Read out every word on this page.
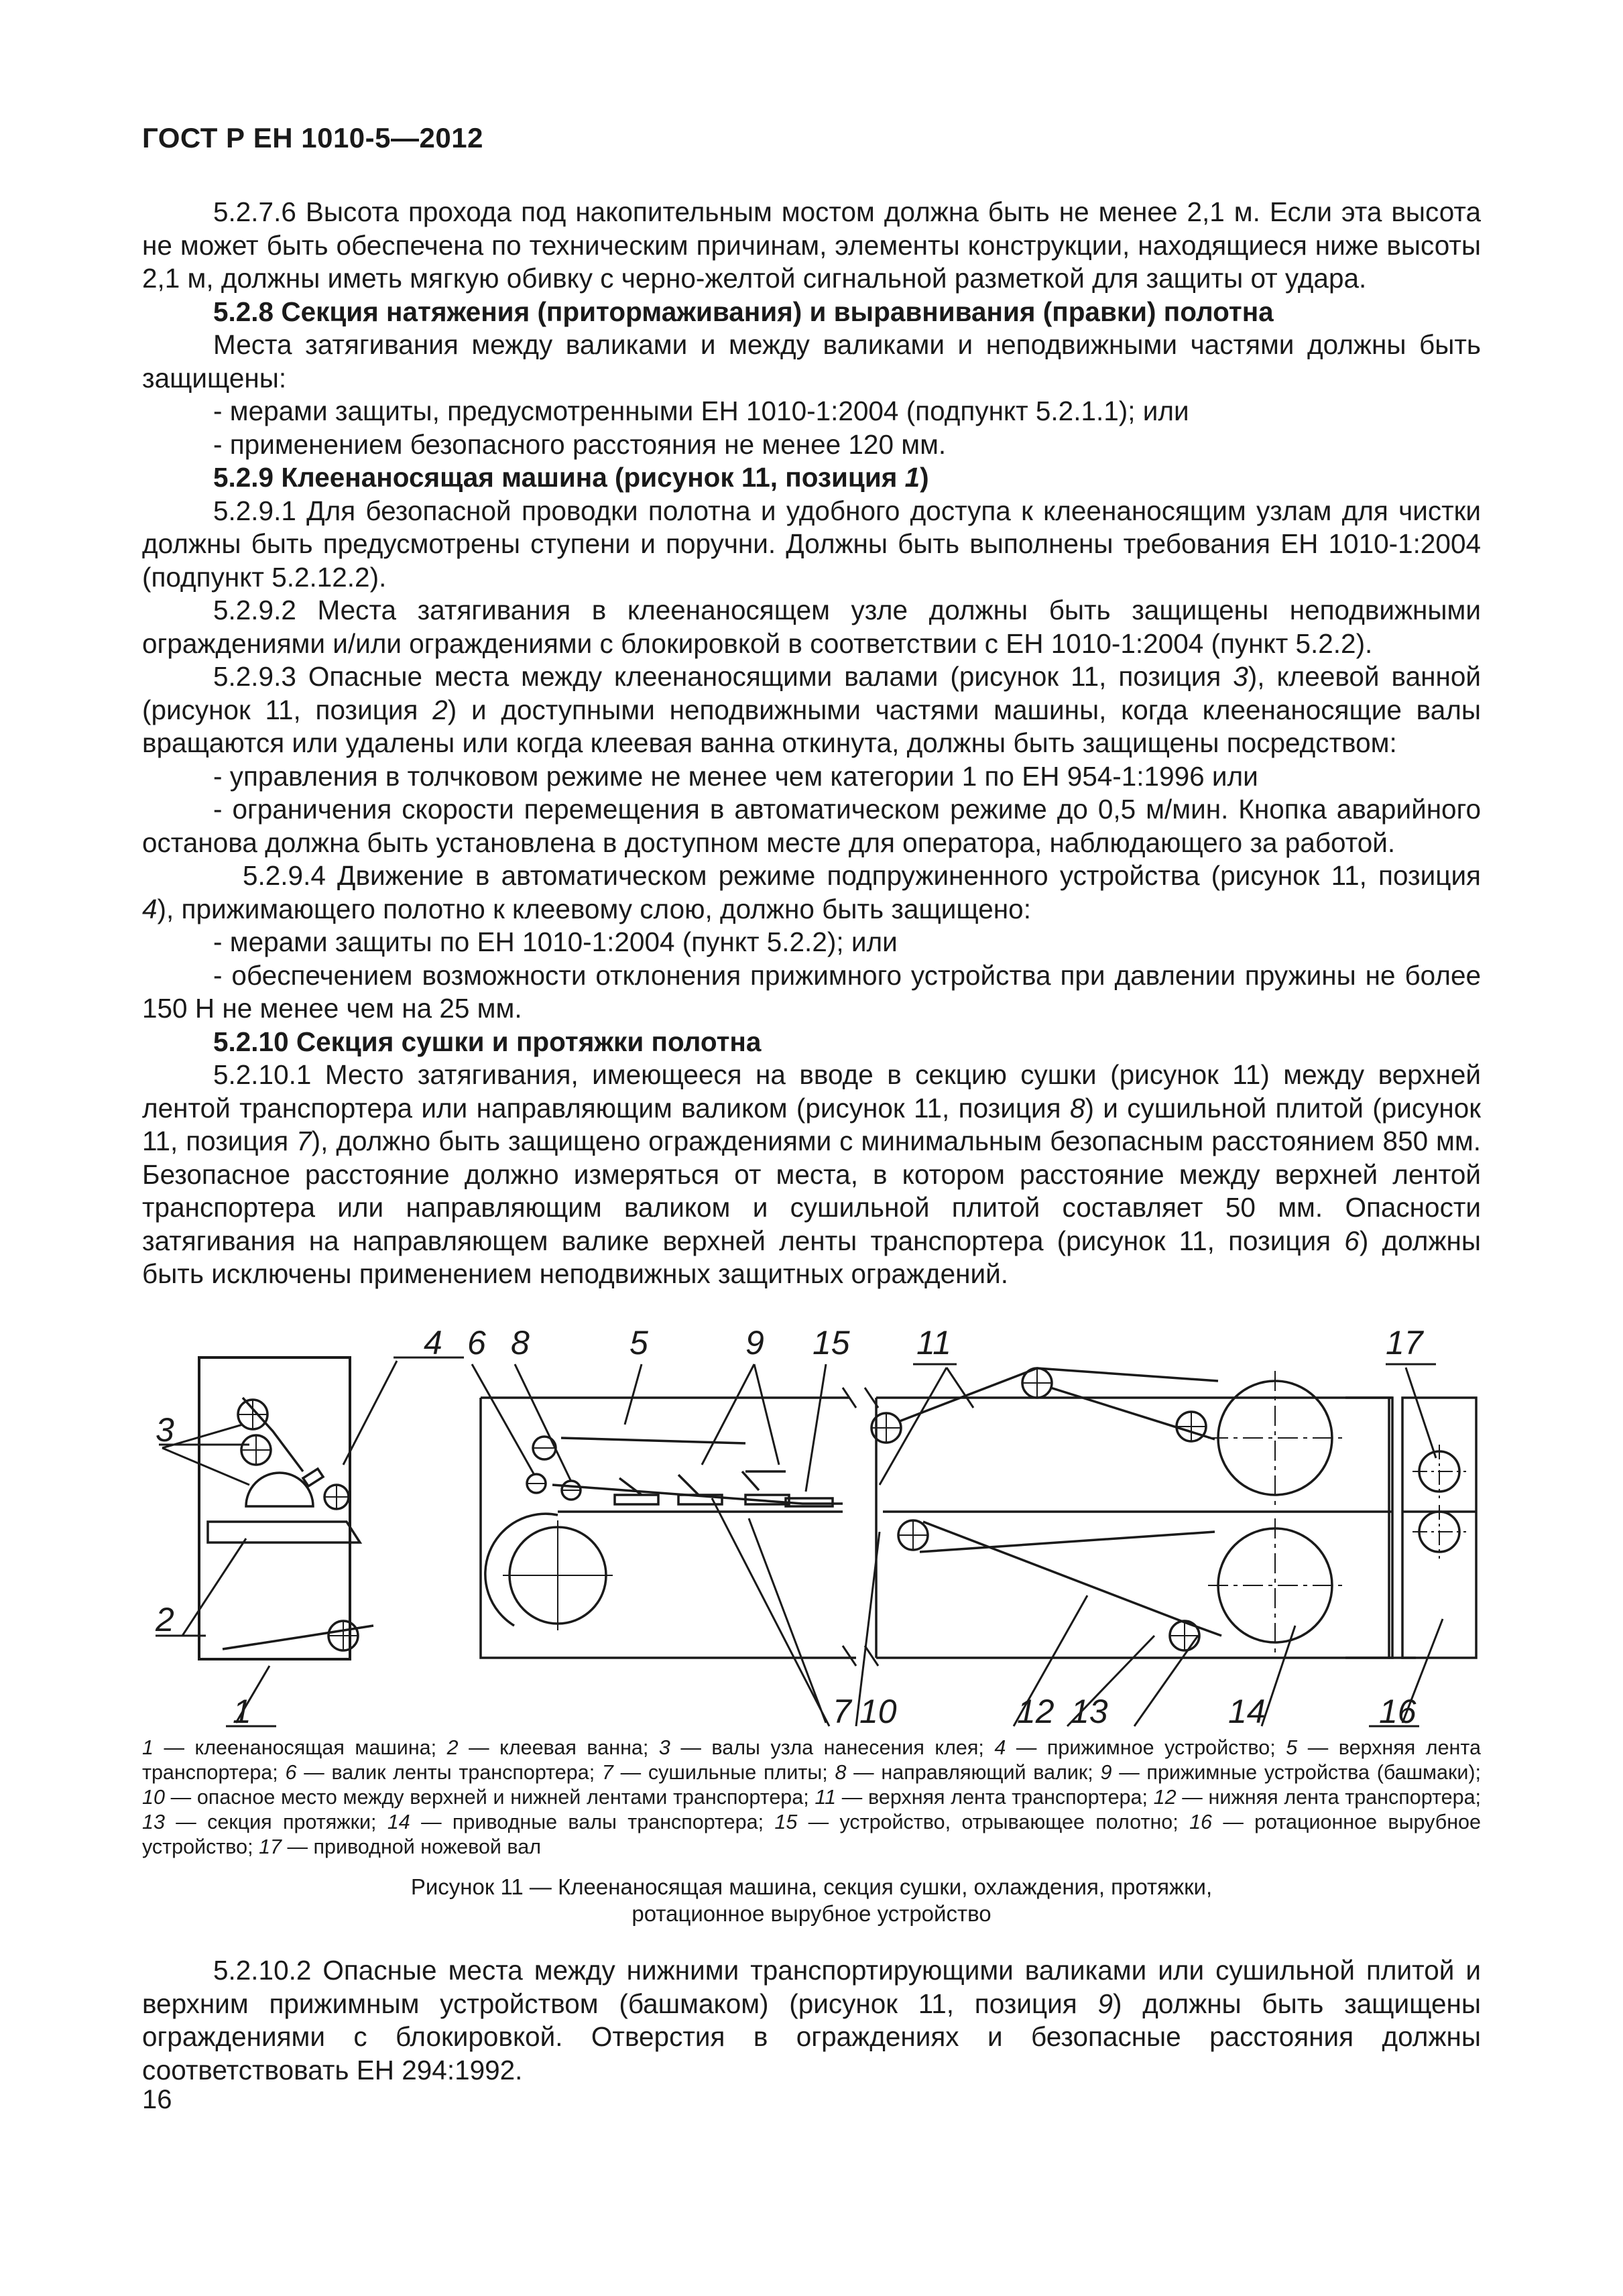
ГОСТ Р ЕН 1010-5—2012

5.2.7.6 Высота прохода под накопительным мостом должна быть не менее 2,1 м. Если эта высота не может быть обеспечена по техническим причинам, элементы конструкции, находящиеся ниже высоты 2,1 м, должны иметь мягкую обивку с черно-желтой сигнальной разметкой для защиты от удара.

5.2.8 Секция натяжения (притормаживания) и выравнивания (правки) полотна

Места затягивания между валиками и между валиками и неподвижными частями должны быть защищены:

- мерами защиты, предусмотренными ЕН 1010-1:2004 (подпункт 5.2.1.1); или

- применением безопасного расстояния не менее 120 мм.

5.2.9 Клеенаносящая машина (рисунок 11, позиция 1)

5.2.9.1 Для безопасной проводки полотна и удобного доступа к клеенаносящим узлам для чистки должны быть предусмотрены ступени и поручни. Должны быть выполнены требования ЕН 1010-1:2004 (подпункт 5.2.12.2).

5.2.9.2 Места затягивания в клеенаносящем узле должны быть защищены неподвижными ограждениями и/или ограждениями с блокировкой в соответствии с ЕН 1010-1:2004 (пункт 5.2.2).

5.2.9.3 Опасные места между клеенаносящими валами (рисунок 11, позиция 3), клеевой ванной (рисунок 11, позиция 2) и доступными неподвижными частями машины, когда клеенаносящие валы вращаются или удалены или когда клеевая ванна откинута, должны быть защищены посредством:

- управления в толчковом режиме не менее чем категории 1 по ЕН 954-1:1996 или

- ограничения скорости перемещения в автоматическом режиме до 0,5 м/мин. Кнопка аварийного останова должна быть установлена в доступном месте для оператора, наблюдающего за работой.

5.2.9.4 Движение в автоматическом режиме подпружиненного устройства (рисунок 11, позиция 4), прижимающего полотно к клеевому слою, должно быть защищено:

- мерами защиты по ЕН 1010-1:2004 (пункт 5.2.2); или

- обеспечением возможности отклонения прижимного устройства при давлении пружины не более 150 Н не менее чем на 25 мм.

5.2.10 Секция сушки и протяжки полотна

5.2.10.1 Место затягивания, имеющееся на вводе в секцию сушки (рисунок 11) между верхней лентой транспортера или направляющим валиком (рисунок 11, позиция 8) и сушильной плитой (рисунок 11, позиция 7), должно быть защищено ограждениями с минимальным безопасным расстоянием 850 мм. Безопасное расстояние должно измеряться от места, в котором расстояние между верхней лентой транспортера или направляющим валиком и сушильной плитой составляет 50 мм. Опасности затягивания на направляющем валике верхней ленты транспортера (рисунок 11, позиция 6) должны быть исключены применением неподвижных защитных ограждений.

4 6 8	5	9 15 11	17
3
2
1	7 10	12 13	14	16
1 — клеенаносящая машина; 2 — клеевая ванна; 3 — валы узла нанесения клея; 4 — прижимное устройство; 5 — верхняя лента транспортера; 6 — валик ленты транспортера; 7 — сушильные плиты; 8 — направляющий валик; 9 — прижимные устройства (башмаки); 10 — опасное место между верхней и нижней лентами транспортера; 11 — верхняя лента транспортера; 12 — нижняя лента транспортера; 13 — секция протяжки; 14 — приводные валы транспортера; 15 — устройство, отрывающее полотно; 16 — ротационное вырубное устройство; 17 — приводной ножевой вал
Рисунок 11 — Клеенаносящая машина, секция сушки, охлаждения, протяжки,
ротационное вырубное устройство

5.2.10.2 Опасные места между нижними транспортирующими валиками или сушильной плитой и верхним прижимным устройством (башмаком) (рисунок 11, позиция 9) должны быть защищены ограждениями с блокировкой. Отверстия в ограждениях и безопасные расстояния должны соответствовать ЕН 294:1992.

16
